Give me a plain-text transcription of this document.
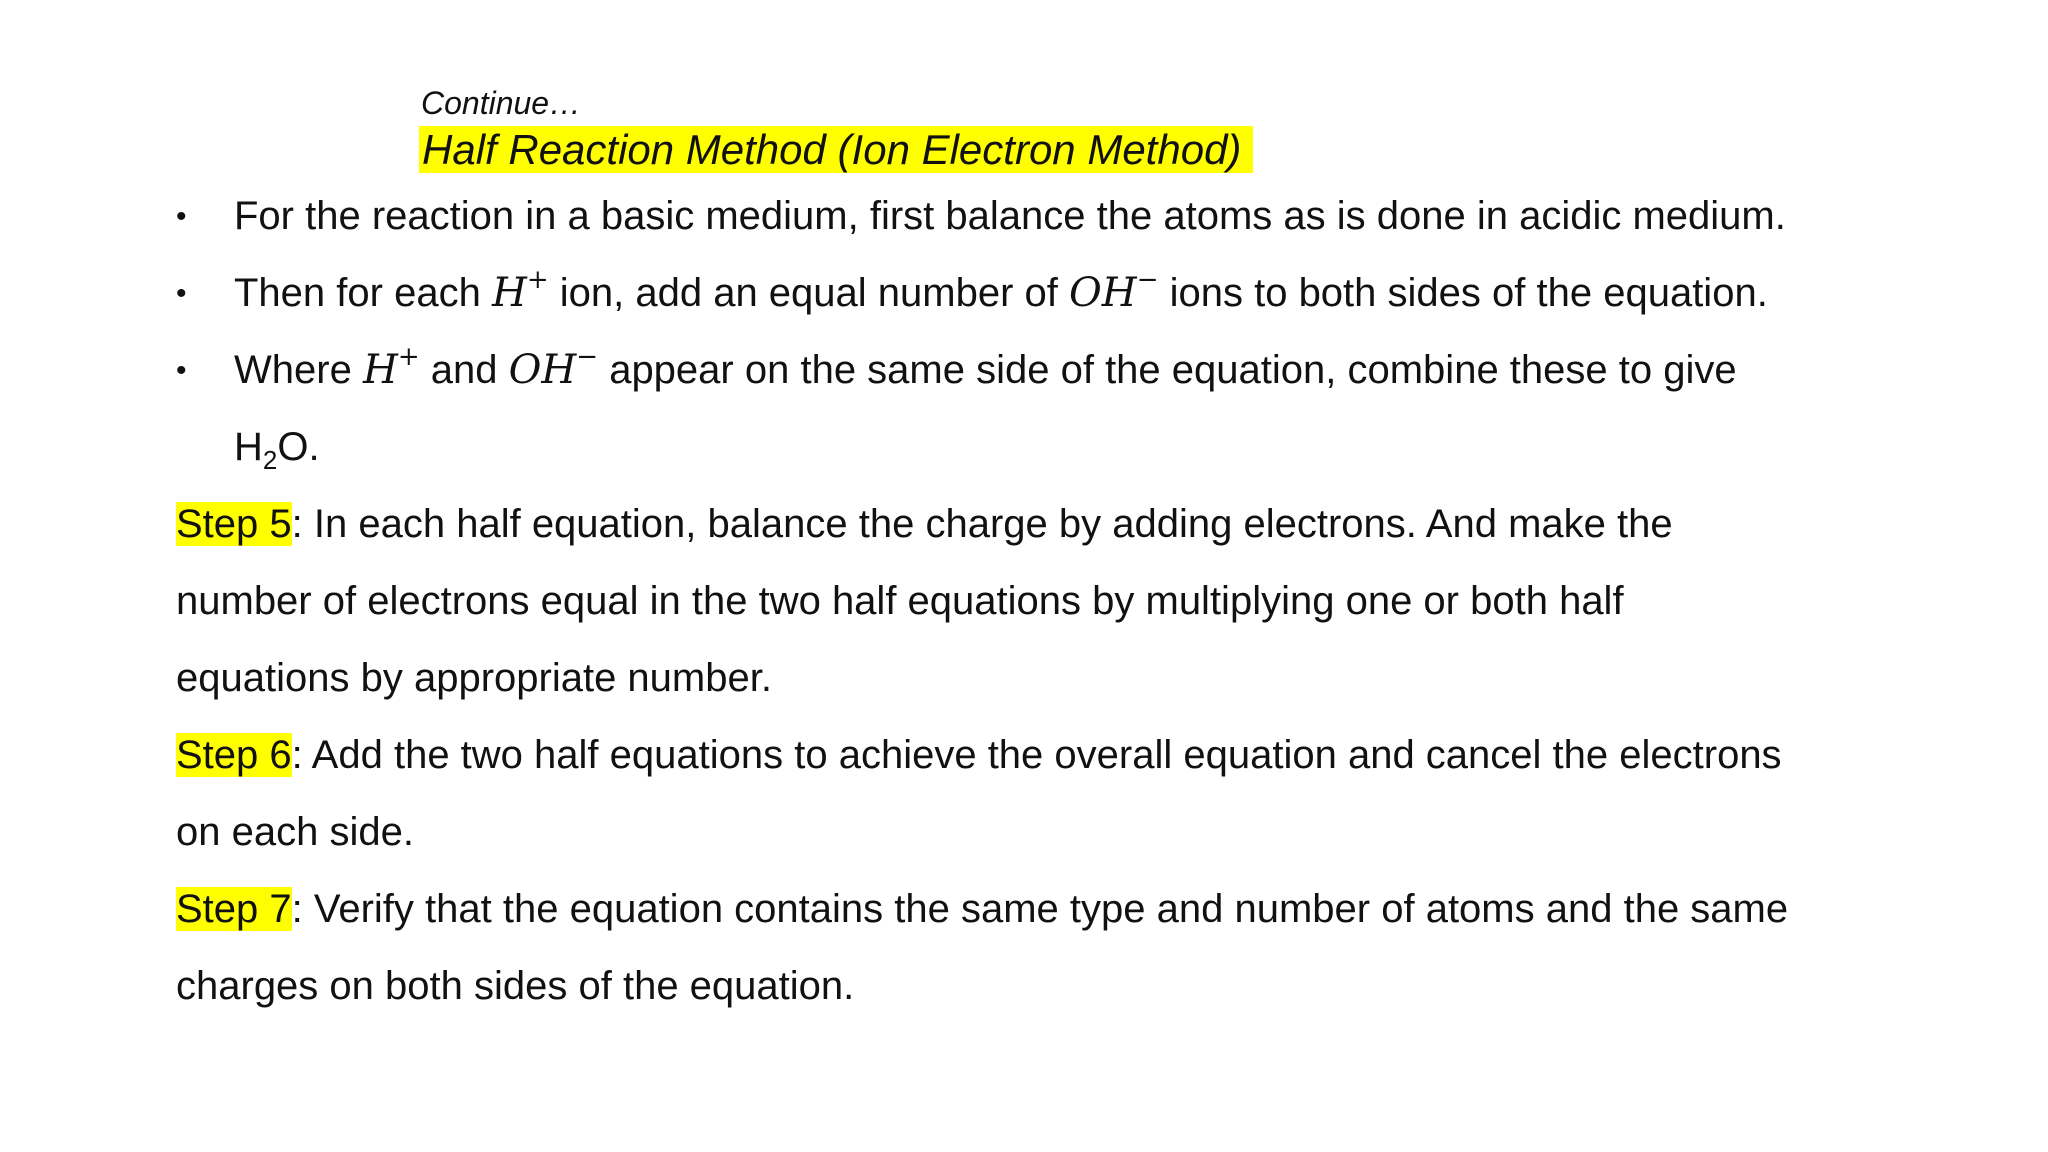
Continue…
Half Reaction Method (Ion Electron Method)
• For the reaction in a basic medium, first balance the atoms as is done in acidic medium.
• Then for each H+ ion, add an equal number of OH− ions to both sides of the equation.
• Where H+ and OH− appear on the same side of the equation, combine these to give
$H_2O$.
Step 5: In each half equation, balance the charge by adding electrons. And make the
number of electrons equal in the two half equations by multiplying one or both half
equations by appropriate number.
Step 6: Add the two half equations to achieve the overall equation and cancel the electrons
on each side.
Step 7: Verify that the equation contains the same type and number of atoms and the same
charges on both sides of the equation.
